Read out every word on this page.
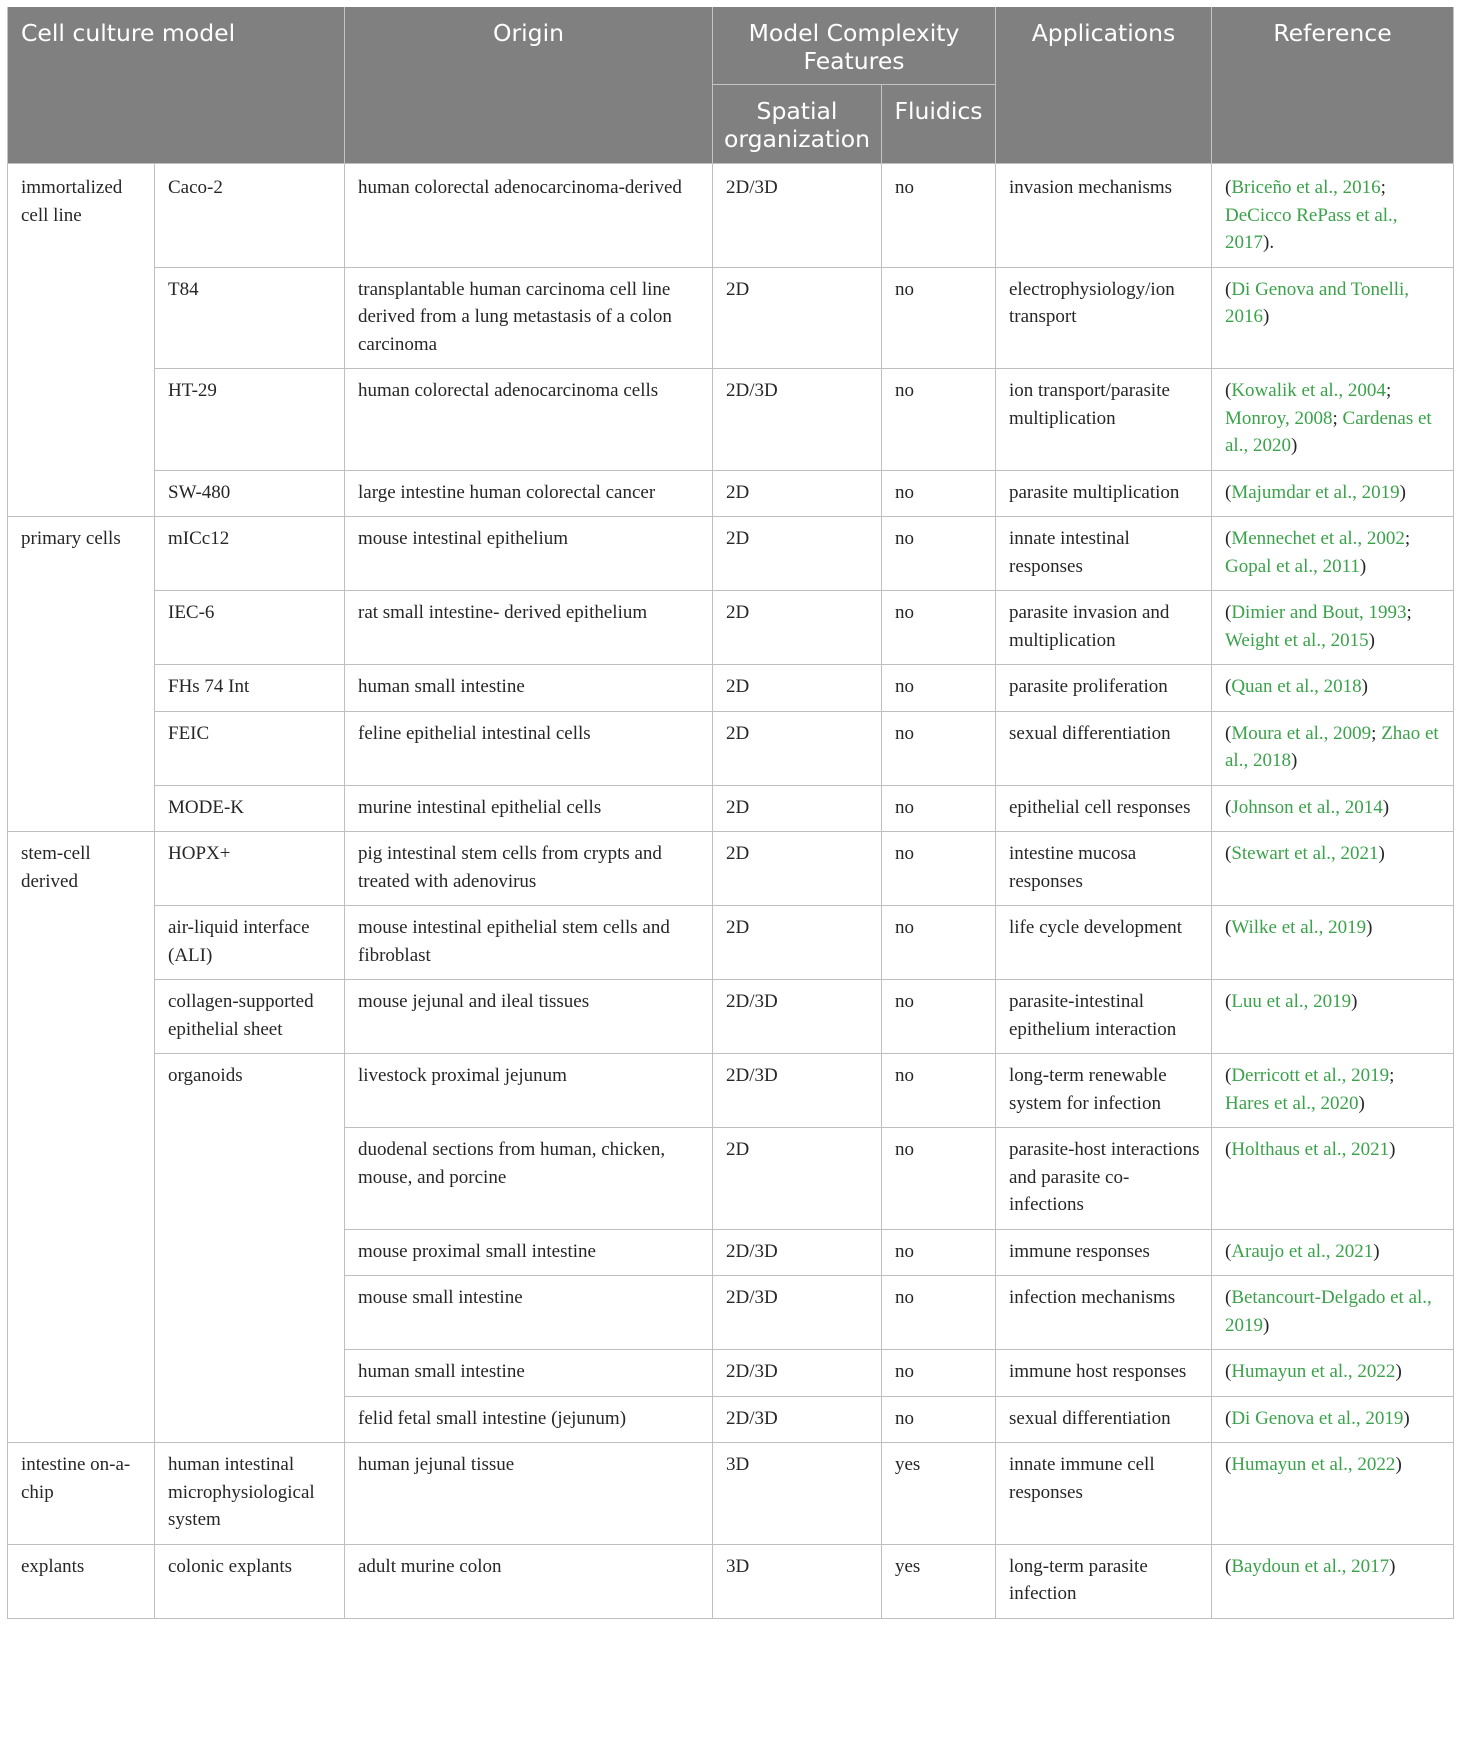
Cell culture model		Origin	Model Complexity Features		Applications	Reference
			Spatial organization	Fluidics		
immortalized cell line	Caco-2	human colorectal adenocarcinoma-derived	2D/3D	no	invasion mechanisms	(Briceño et al., 2016; DeCicco RePass et al., 2017).
	T84	transplantable human carcinoma cell line derived from a lung metastasis of a colon carcinoma	2D	no	electrophysiology/ion transport	(Di Genova and Tonelli, 2016)
	HT-29	human colorectal adenocarcinoma cells	2D/3D	no	ion transport/parasite multiplication	(Kowalik et al., 2004; Monroy, 2008; Cardenas et al., 2020)
	SW-480	large intestine human colorectal cancer	2D	no	parasite multiplication	(Majumdar et al., 2019)
primary cells	mICc12	mouse intestinal epithelium	2D	no	innate intestinal responses	(Mennechet et al., 2002; Gopal et al., 2011)
	IEC-6	rat small intestine- derived epithelium	2D	no	parasite invasion and multiplication	(Dimier and Bout, 1993; Weight et al., 2015)
	FHs 74 Int	human small intestine	2D	no	parasite proliferation	(Quan et al., 2018)
	FEIC	feline epithelial intestinal cells	2D	no	sexual differentiation	(Moura et al., 2009; Zhao et al., 2018)
	MODE-K	murine intestinal epithelial cells	2D	no	epithelial cell responses	(Johnson et al., 2014)
stem-cell derived	HOPX+	pig intestinal stem cells from crypts and treated with adenovirus	2D	no	intestine mucosa responses	(Stewart et al., 2021)
	air-liquid interface (ALI)	mouse intestinal epithelial stem cells and fibroblast	2D	no	life cycle development	(Wilke et al., 2019)
	collagen-supported epithelial sheet	mouse jejunal and ileal tissues	2D/3D	no	parasite-intestinal epithelium interaction	(Luu et al., 2019)
	organoids	livestock proximal jejunum	2D/3D	no	long-term renewable system for infection	(Derricott et al., 2019; Hares et al., 2020)
		duodenal sections from human, chicken, mouse, and porcine	2D	no	parasite-host interactions and parasite co-infections	(Holthaus et al., 2021)
		mouse proximal small intestine	2D/3D	no	immune responses	(Araujo et al., 2021)
		mouse small intestine	2D/3D	no	infection mechanisms	(Betancourt-Delgado et al., 2019)
		human small intestine	2D/3D	no	immune host responses	(Humayun et al., 2022)
		felid fetal small intestine (jejunum)	2D/3D	no	sexual differentiation	(Di Genova et al., 2019)
intestine on-a-chip	human intestinal microphysiological system	human jejunal tissue	3D	yes	innate immune cell responses	(Humayun et al., 2022)
explants	colonic explants	adult murine colon	3D	yes	long-term parasite infection	(Baydoun et al., 2017)
